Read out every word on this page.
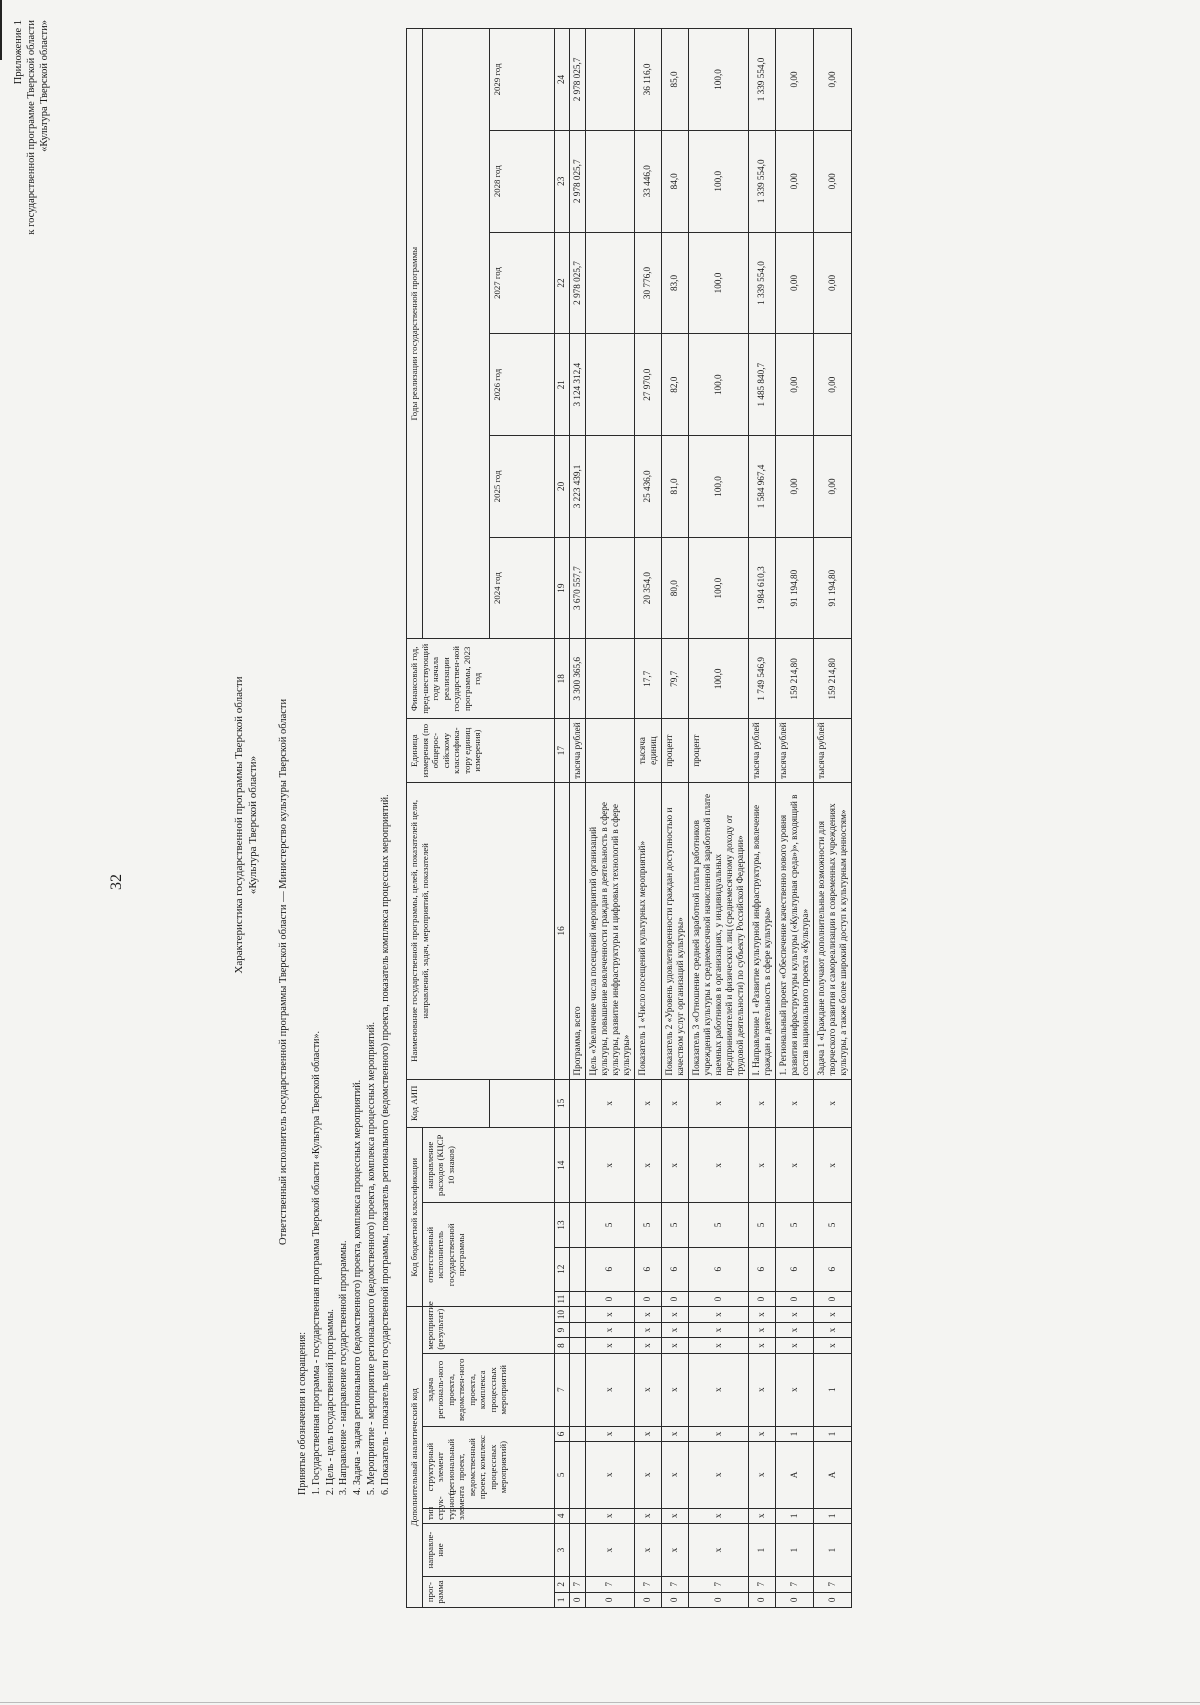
32
Приложение 1 к государственной программе Тверской области «Культура Тверской области»
Характеристика государственной программы Тверской области «Культура Тверской области» Ответственный исполнитель государственной программы Тверской области — Министерство культуры Тверской области
Принятые обозначения и сокращения: 1. Государственная программа - государственная программа Тверской области «Культура Тверской области». 2. Цель - цель государственной программы. 3. Направление - направление государственной программы. 4. Задача - задача регионального (ведомственного) проекта, комплекса процессных мероприятий. 5. Мероприятие - мероприятие регионального (ведомственного) проекта, комплекса процессных мероприятий. 6. Показатель - показатель цели государственной программы, показатель регионального (ведомственного) проекта, показатель комплекса процессных мероприятий. Дополнительный аналитический код										Код бюджетной классификации				Код АИП	Наименование государственной программы, целей, показателей цели, направлений, задач, мероприятий, показателей	Единица измерения (по общерос-сийскому классифика-тору единиц измерения)	Финансовый год, пред-шествующий году начала реализации государствен-ной программы, 2023 год	Годы реализации государственной программы					
прог-рамма		направле-ние	тип струк-турного элемента	структурный элемент (региональный проект, ведомственный проект, комплекс процессных мероприятий)		задача региональ-ного проекта, ведомствен-ного проекта, комплекса процессных мероприятий	мероприятие (результат)			ответственный исполнитель государственной программы			направление расходов (КЦСР 10 знаков)										
																		2024 год	2025 год	2026 год	2027 год	2028 год	2029 год
1	2	3	4	5	6	7	8	9	10	11	12	13	14	15	16	17	18	19	20	21	22	23	24
0	7														Программа, всего	тысяча рублей	3 300 365,6	3 670 557,7	3 223 439,1	3 124 312,4	2 978 025,7	2 978 025,7	2 978 025,7
0	7	х	х	х	х	х	х	х	х	0	6	5	х	х	Цель «Увеличение числа посещений мероприятий организаций культуры, повышение вовлеченности граждан в деятельность в сфере культуры, развитие инфраструктуры и цифровых технологий в сфере культуры»								
0	7	х	х	х	х	х	х	х	х	0	6	5	х	х	Показатель 1 «Число посещений культурных мероприятий»	тысяча единиц	17,7	20 354,0	25 436,0	27 970,0	30 776,0	33 446,0	36 116,0
0	7	х	х	х	х	х	х	х	х	0	6	5	х	х	Показатель 2 «Уровень удовлетворенности граждан доступностью и качеством услуг организаций культуры»	процент	79,7	80,0	81,0	82,0	83,0	84,0	85,0
0	7	х	х	х	х	х	х	х	х	0	6	5	х	х	Показатель 3 «Отношение средней заработной платы работников учреждений культуры к среднемесячной начисленной заработной плате наемных работников в организациях, у индивидуальных предпринимателей и физических лиц (среднемесячному доходу от трудовой деятельности) по субъекту Российской Федерации»	процент	100,0	100,0	100,0	100,0	100,0	100,0	100,0
0	7	1	х	х	х	х	х	х	х	0	6	5	х	х	I. Направление 1 «Развитие культурной инфраструктуры, вовлечение граждан в деятельность в сфере культуры»	тысяча рублей	1 749 546,9	1 984 610,3	1 584 967,4	1 485 840,7	1 339 554,0	1 339 554,0	1 339 554,0
0	7	1	1	А	1	х	х	х	х	0	6	5	х	х	1. Региональный проект «Обеспечение качественно нового уровня развития инфраструктуры культуры («Культурная среда»)», входящий в состав национального проекта «Культура»	тысяча рублей	159 214,80	91 194,80	0,00	0,00	0,00	0,00	0,00
0	7	1	1	А	1	1	х	х	х	0	6	5	х	х	Задача 1 «Граждане получают дополнительные возможности для творческого развития и самореализации в современных учреждениях культуры, а также более широкий доступ к культурным ценностям»	тысяча рублей	159 214,80	91 194,80	0,00	0,00	0,00	0,00	0,00
